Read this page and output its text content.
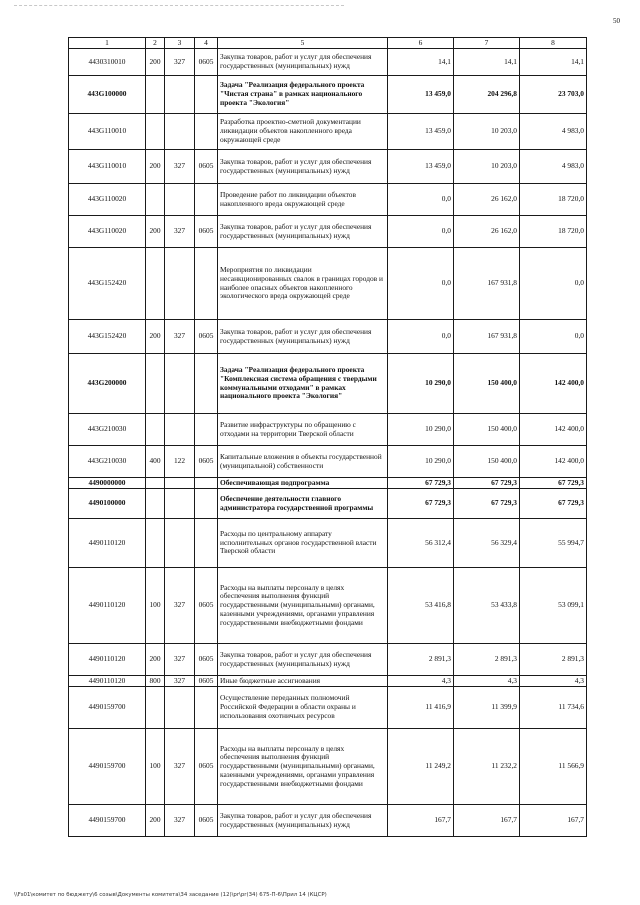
50
1	2	3	4	5	6	7	8
4430310010	200	327	0605	Закупка товаров, работ и услуг для обеспечения государственных (муниципальных) нужд	14,1	14,1	14,1
443G100000				Задача "Реализация федерального проекта "Чистая страна" в рамках национального проекта "Экология"	13 459,0	204 296,8	23 703,0
443G110010				Разработка проектно-сметной документации ликвидации объектов накопленного вреда окружающей среде	13 459,0	10 203,0	4 983,0
443G110010	200	327	0605	Закупка товаров, работ и услуг для обеспечения государственных (муниципальных) нужд	13 459,0	10 203,0	4 983,0
443G110020				Проведение работ по ликвидации объектов накопленного вреда окружающей среде	0,0	26 162,0	18 720,0
443G110020	200	327	0605	Закупка товаров, работ и услуг для обеспечения государственных (муниципальных) нужд	0,0	26 162,0	18 720,0
443G152420				Мероприятия по ликвидации несанкционированных свалок в границах городов и наиболее опасных объектов накопленного экологического вреда окружающей среде	0,0	167 931,8	0,0
443G152420	200	327	0605	Закупка товаров, работ и услуг для обеспечения государственных (муниципальных) нужд	0,0	167 931,8	0,0
443G200000				Задача "Реализация федерального проекта "Комплексная система обращения с твердыми коммунальными отходами" в рамках национального проекта "Экология"	10 290,0	150 400,0	142 400,0
443G210030				Развитие инфраструктуры по обращению с отходами на территории Тверской области	10 290,0	150 400,0	142 400,0
443G210030	400	122	0605	Капитальные вложения в объекты государственной (муниципальной) собственности	10 290,0	150 400,0	142 400,0
4490000000				Обеспечивающая подпрограмма	67 729,3	67 729,3	67 729,3
4490100000				Обеспечение деятельности главного администратора государственной программы	67 729,3	67 729,3	67 729,3
4490110120				Расходы по центральному аппарату исполнительных органов государственной власти Тверской области	56 312,4	56 329,4	55 994,7
4490110120	100	327	0605	Расходы на выплаты персоналу в целях обеспечения выполнения функций государственными (муниципальными) органами, казенными учреждениями, органами управления государственными внебюджетными фондами	53 416,8	53 433,8	53 099,1
4490110120	200	327	0605	Закупка товаров, работ и услуг для обеспечения государственных (муниципальных) нужд	2 891,3	2 891,3	2 891,3
4490110120	800	327	0605	Иные бюджетные ассигнования	4,3	4,3	4,3
4490159700				Осуществление переданных полномочий Российской Федерации в области охраны и использования охотничьих ресурсов	11 416,9	11 399,9	11 734,6
4490159700	100	327	0605	Расходы на выплаты персоналу в целях обеспечения выполнения функций государственными (муниципальными) органами, казенными учреждениями, органами управления государственными внебюджетными фондами	11 249,2	11 232,2	11 566,9
4490159700	200	327	0605	Закупка товаров, работ и услуг для обеспечения государственных (муниципальных) нужд	167,7	167,7	167,7
\\Fs01\комитет по бюджету\6 созыв\Документы комитета\34 заседание (12)\pr\pr(34) 675-П-6\Прил 14 (КЦСР)
